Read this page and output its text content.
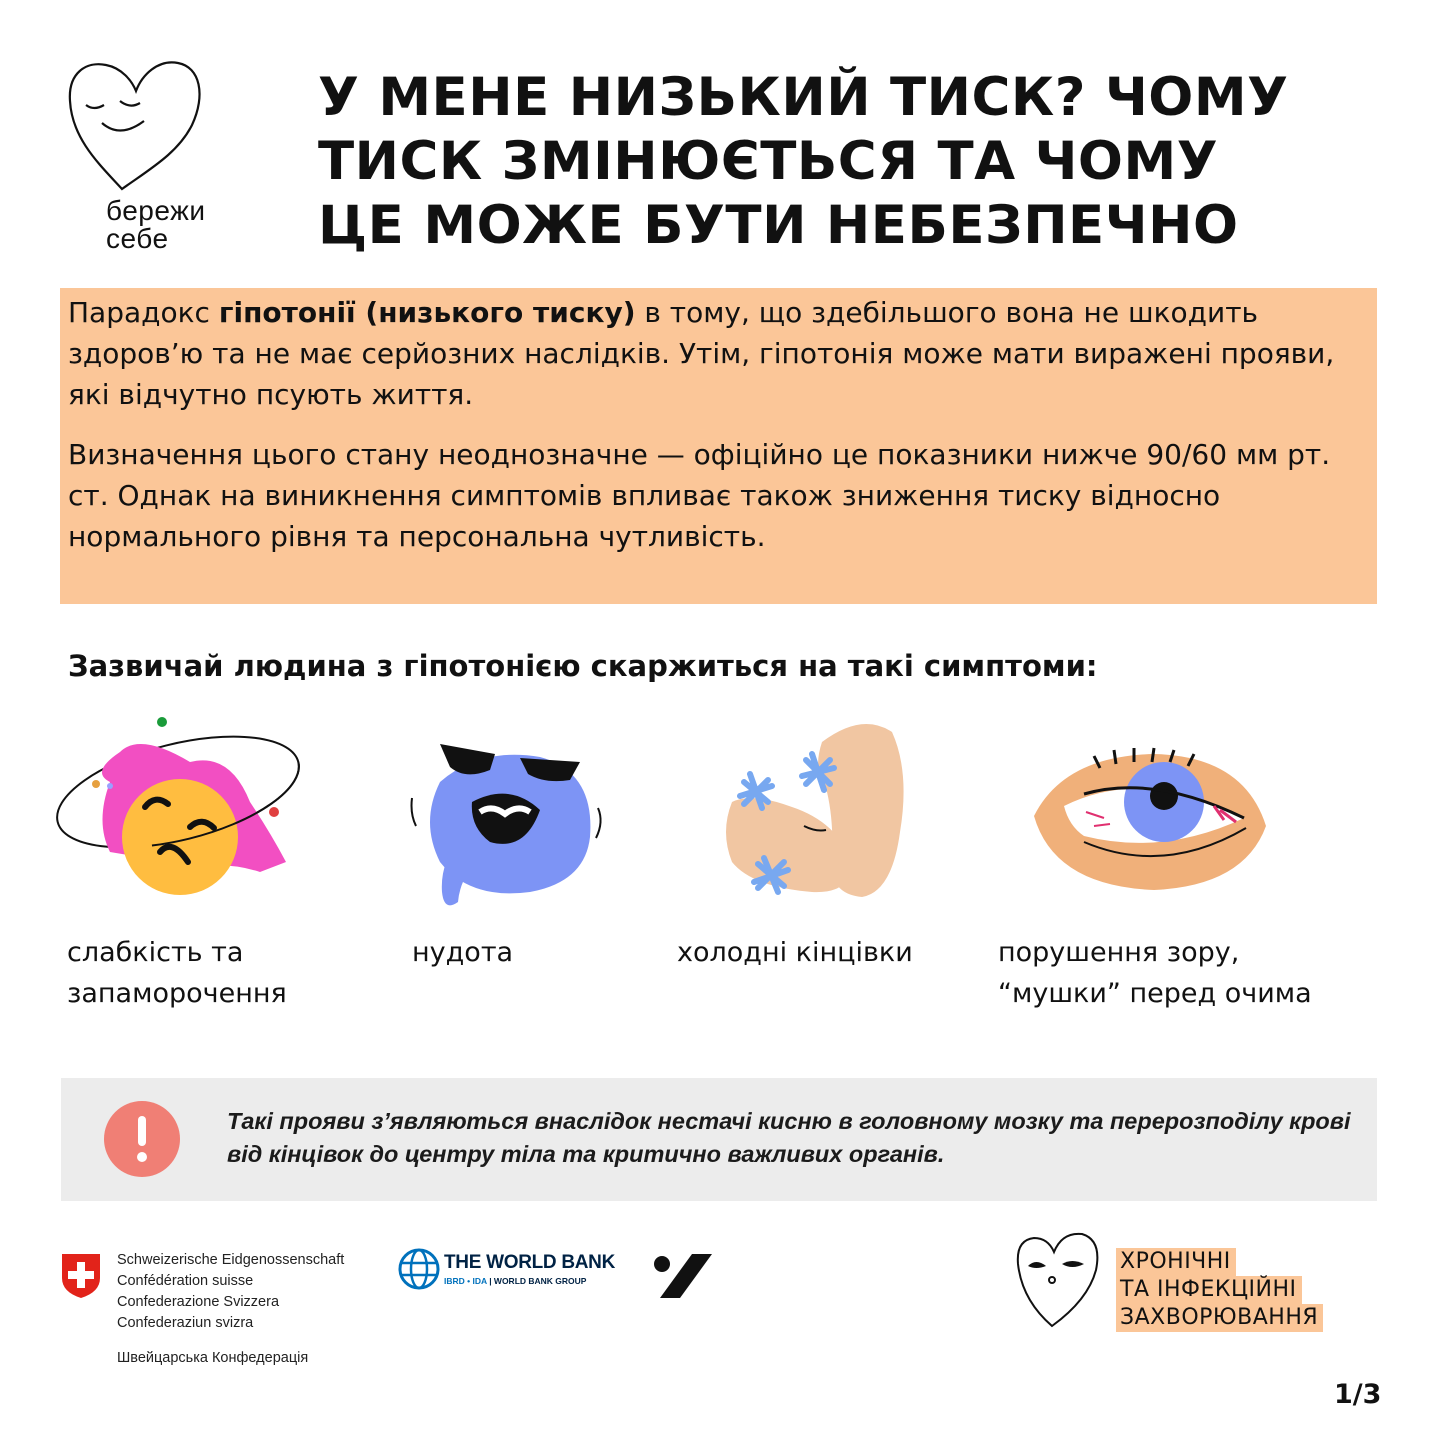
бережи
себе
У МЕНЕ НИЗЬКИЙ ТИСК? ЧОМУ
ТИСК ЗМІНЮЄТЬСЯ ТА ЧОМУ
ЦЕ МОЖЕ БУТИ НЕБЕЗПЕЧНО

Парадокс гіпотонії (низького тиску) в тому, що здебільшого вона не шкодить здоров’ю та не має серйозних наслідків. Утім, гіпотонія може мати виражені прояви, які відчутно псують життя.

Визначення цього стану неоднозначне — офіційно це показники нижче 90/60 мм рт. ст. Однак на виникнення симптомів впливає також зниження тиску відносно нормального рівня та персональна чутливість.

Зазвичай людина з гіпотонією скаржиться на такі симптоми:

слабкість та
запаморочення

нудота	холодні кінцівки	порушення зору,
“мушки” перед очима

Такі прояви з’являються внаслідок нестачі кисню в головному мозку та перерозподілу крові від кінцівок до центру тіла та критично важливих органів.

Schweizerische Eidgenossenschaft
Confédération suisse
Confederazione Svizzera
Confederaziun svizra
Швейцарська Конфедерація
THE WORLD BANK
IBRD • IDA | WORLD BANK GROUP

ХРОНІЧНІ
ТА ІНФЕКЦІЙНІ
ЗАХВОРЮВАННЯ

1/3
